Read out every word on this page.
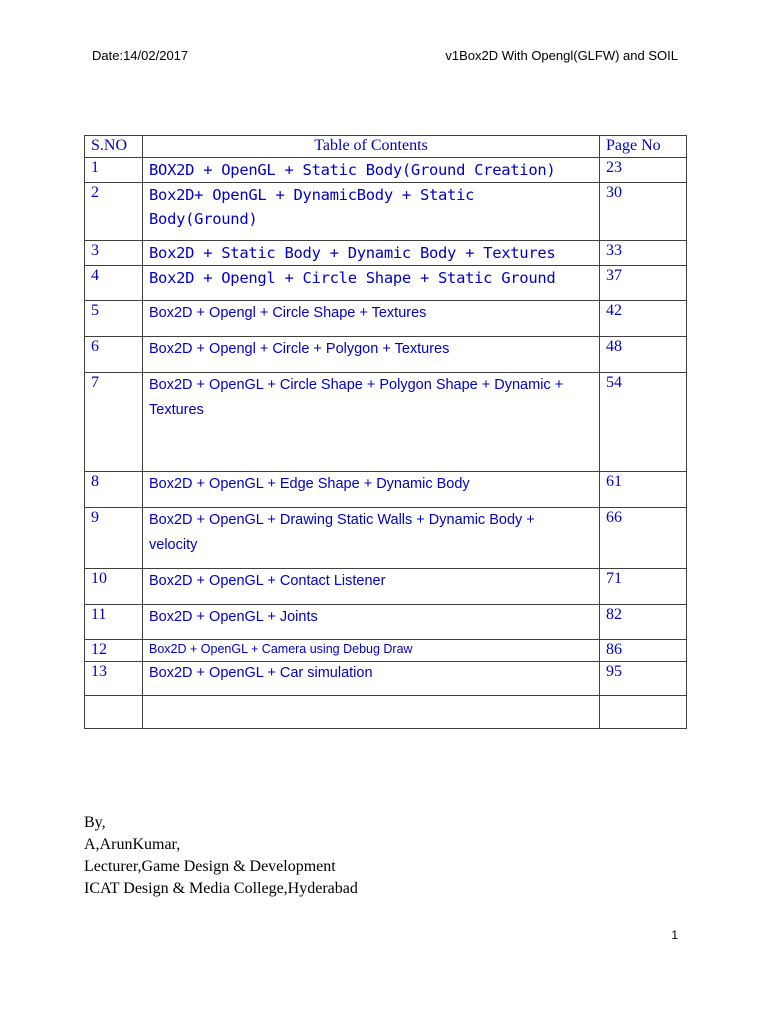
Date:14/02/2017	v1Box2D With Opengl(GLFW) and SOIL
S.NO	Table of Contents	Page No
1	BOX2D + OpenGL + Static Body(Ground Creation)	23
2	Box2D+ OpenGL + DynamicBody + Static
Body(Ground)	30
3	Box2D + Static Body + Dynamic Body + Textures	33
4	Box2D + Opengl + Circle Shape + Static Ground	37
5	Box2D + Opengl + Circle Shape + Textures	42
6	Box2D + Opengl + Circle + Polygon + Textures	48
7	Box2D + OpenGL + Circle Shape + Polygon Shape + Dynamic +
Textures	54
8	Box2D + OpenGL + Edge Shape + Dynamic Body	61
9	Box2D + OpenGL + Drawing Static Walls + Dynamic Body +
velocity	66
10	Box2D + OpenGL + Contact Listener	71
11	Box2D + OpenGL + Joints	82
12	Box2D + OpenGL + Camera using Debug Draw	86
13	Box2D + OpenGL + Car simulation	95

By,
A,ArunKumar,
Lecturer,Game Design & Development
ICAT Design & Media College,Hyderabad
1
